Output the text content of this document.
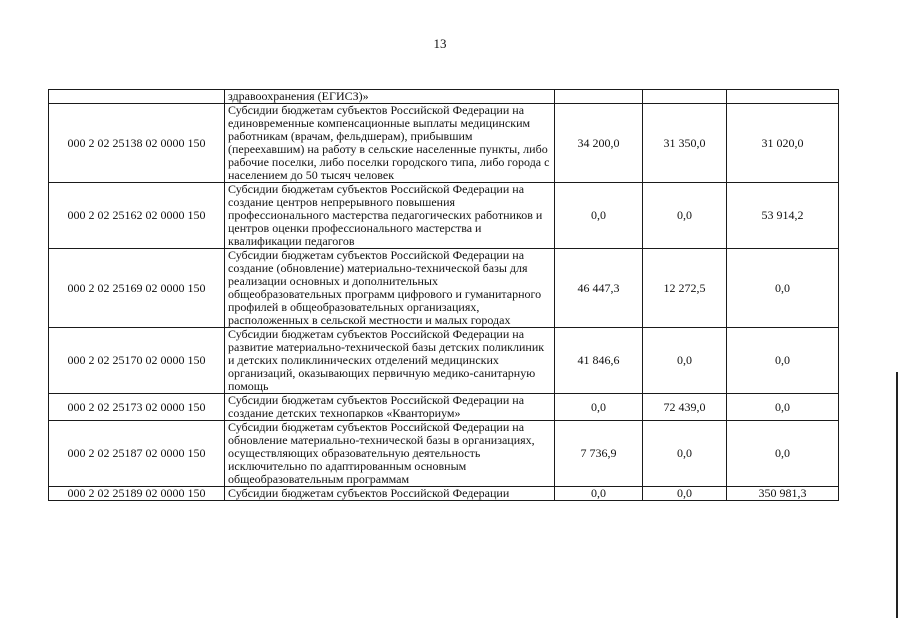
13
	здравоохранения (ЕГИСЗ)»			
000 2 02 25138 02 0000 150	Субсидии бюджетам субъектов Российской Федерации на единовременные компенсационные выплаты медицинским работникам (врачам, фельдшерам), прибывшим (переехавшим) на работу в сельские населенные пункты, либо рабочие поселки, либо поселки городского типа, либо города с населением до 50 тысяч человек	34 200,0	31 350,0	31 020,0
000 2 02 25162 02 0000 150	Субсидии бюджетам субъектов Российской Федерации на создание центров непрерывного повышения профессионального мастерства педагогических работников и центров оценки профессионального мастерства и квалификации педагогов	0,0	0,0	53 914,2
000 2 02 25169 02 0000 150	Субсидии бюджетам субъектов Российской Федерации на создание (обновление) материально-технической базы для реализации основных и дополнительных общеобразовательных программ цифрового и гуманитарного профилей в общеобразовательных организациях, расположенных в сельской местности и малых городах	46 447,3	12 272,5	0,0
000 2 02 25170 02 0000 150	Субсидии бюджетам субъектов Российской Федерации на развитие материально-технической базы детских поликлиник и детских поликлинических отделений медицинских организаций, оказывающих первичную медико-санитарную помощь	41 846,6	0,0	0,0
000 2 02 25173 02 0000 150	Субсидии бюджетам субъектов Российской Федерации на создание детских технопарков «Кванториум»	0,0	72 439,0	0,0
000 2 02 25187 02 0000 150	Субсидии бюджетам субъектов Российской Федерации на обновление материально-технической базы в организациях, осуществляющих образовательную деятельность исключительно по адаптированным основным общеобразовательным программам	7 736,9	0,0	0,0
000 2 02 25189 02 0000 150	Субсидии бюджетам субъектов Российской Федерации	0,0	0,0	350 981,3
